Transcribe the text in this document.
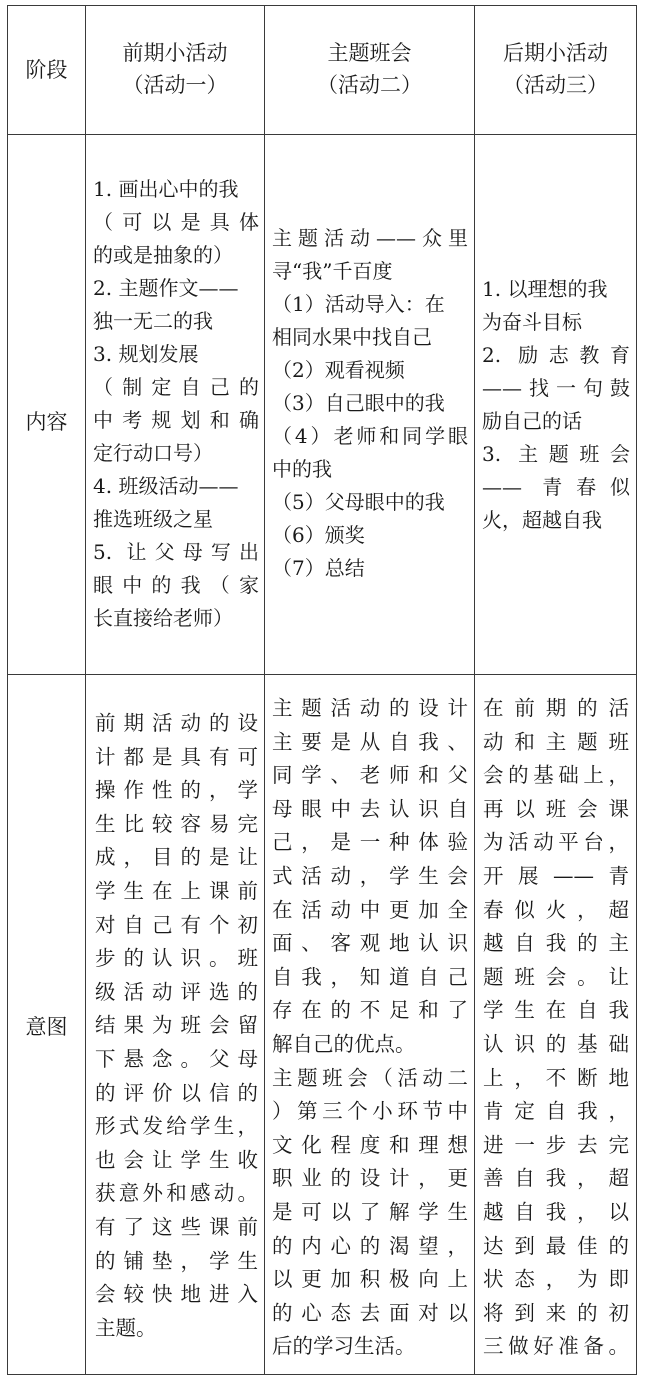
阶段
前期小活动
（活动一）
主题班会
（活动二）
后期小活动
（活动三）
内容
1. 画出心中的我
（可以是具体
的或是抽象的）
2. 主题作文——
独一无二的我
3. 规划发展
（制定自己的
中考规划和确
定行动口号）
4. 班级活动——
推选班级之星
5. 让父母写出
眼中的我（家
长直接给老师）
主题活动——众里
寻“我”千百度
（1）活动导入：在
相同水果中找自己
（2）观看视频
（3）自己眼中的我
（4）老师和同学眼
中的我
（5）父母眼中的我
（6）颁奖
（7）总结
1. 以理想的我
为奋斗目标
2. 励志教育
——找一句鼓
励自己的话
3. 主题班会
—— 青春似
火，超越自我
意图
前期活动的设
计都是具有可
操作性的，学
生比较容易完
成，目的是让
学生在上课前
对自己有个初
步的认识。班
级活动评选的
结果为班会留
下悬念。父母
的评价以信的
形式发给学生，
也会让学生收
获意外和感动。
有了这些课前
的铺垫，学生
会较快地进入
主题。
主题活动的设计
主要是从自我、
同学、老师和父
母眼中去认识自
己，是一种体验
式活动，学生会
在活动中更加全
面、客观地认识
自我，知道自己
存在的不足和了
解自己的优点。
主题班会（活动二
）第三个小环节中
文化程度和理想
职业的设计，更
是可以了解学生
的内心的渴望，
以更加积极向上
的心态去面对以
后的学习生活。
在前期的活
动和主题班
会的基础上，
再以班会课
为活动平台，
开展——青
春似火，超
越自我的主
题班会。让
学生在自我
认识的基础
上，不断地
肯定自我，
进一步去完
善自我，超
越自我，以
达到最佳的
状态，为即
将到来的初
三做好准备。
